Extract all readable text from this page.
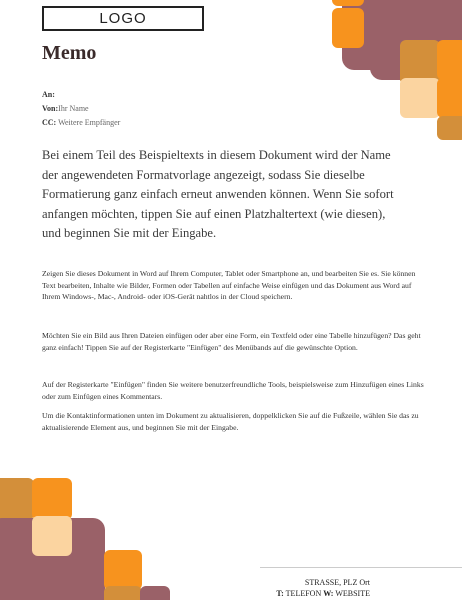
LOGO
Memo
An:
Von:Ihr Name
CC: Weitere Empfänger
Bei einem Teil des Beispieltexts in diesem Dokument wird der Name der angewendeten Formatvorlage angezeigt, sodass Sie dieselbe Formatierung ganz einfach erneut anwenden können. Wenn Sie sofort anfangen möchten, tippen Sie auf einen Platzhaltertext (wie diesen), und beginnen Sie mit der Eingabe.
Zeigen Sie dieses Dokument in Word auf Ihrem Computer, Tablet oder Smartphone an, und bearbeiten Sie es. Sie können Text bearbeiten, Inhalte wie Bilder, Formen oder Tabellen auf einfache Weise einfügen und das Dokument aus Word auf Ihrem Windows-, Mac-, Android- oder iOS-Gerät nahtlos in der Cloud speichern.
Möchten Sie ein Bild aus Ihren Dateien einfügen oder aber eine Form, ein Textfeld oder eine Tabelle hinzufügen? Das geht ganz einfach! Tippen Sie auf der Registerkarte "Einfügen" des Menübands auf die gewünschte Option.
Auf der Registerkarte "Einfügen" finden Sie weitere benutzerfreundliche Tools, beispielsweise zum Hinzufügen eines Links oder zum Einfügen eines Kommentars.
Um die Kontaktinformationen unten im Dokument zu aktualisieren, doppelklicken Sie auf die Fußzeile, wählen Sie das zu aktualisierende Element aus, und beginnen Sie mit der Eingabe.
STRASSE, PLZ Ort
T: TELEFON W: WEBSITE
